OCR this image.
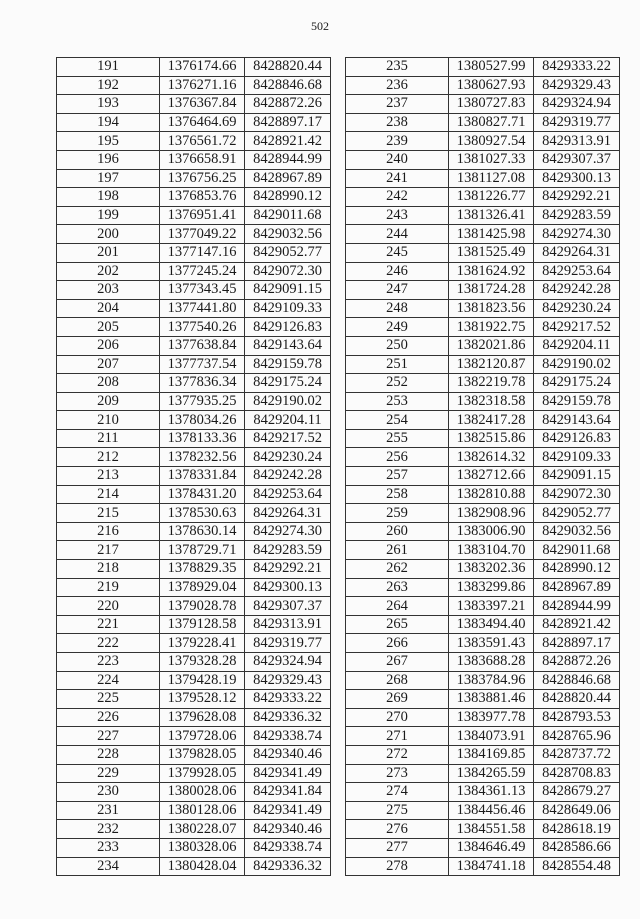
502
191	1376174.66	8428820.44
192	1376271.16	8428846.68
193	1376367.84	8428872.26
194	1376464.69	8428897.17
195	1376561.72	8428921.42
196	1376658.91	8428944.99
197	1376756.25	8428967.89
198	1376853.76	8428990.12
199	1376951.41	8429011.68
200	1377049.22	8429032.56
201	1377147.16	8429052.77
202	1377245.24	8429072.30
203	1377343.45	8429091.15
204	1377441.80	8429109.33
205	1377540.26	8429126.83
206	1377638.84	8429143.64
207	1377737.54	8429159.78
208	1377836.34	8429175.24
209	1377935.25	8429190.02
210	1378034.26	8429204.11
211	1378133.36	8429217.52
212	1378232.56	8429230.24
213	1378331.84	8429242.28
214	1378431.20	8429253.64
215	1378530.63	8429264.31
216	1378630.14	8429274.30
217	1378729.71	8429283.59
218	1378829.35	8429292.21
219	1378929.04	8429300.13
220	1379028.78	8429307.37
221	1379128.58	8429313.91
222	1379228.41	8429319.77
223	1379328.28	8429324.94
224	1379428.19	8429329.43
225	1379528.12	8429333.22
226	1379628.08	8429336.32
227	1379728.06	8429338.74
228	1379828.05	8429340.46
229	1379928.05	8429341.49
230	1380028.06	8429341.84
231	1380128.06	8429341.49
232	1380228.07	8429340.46
233	1380328.06	8429338.74
234	1380428.04	8429336.32
235	1380527.99	8429333.22
236	1380627.93	8429329.43
237	1380727.83	8429324.94
238	1380827.71	8429319.77
239	1380927.54	8429313.91
240	1381027.33	8429307.37
241	1381127.08	8429300.13
242	1381226.77	8429292.21
243	1381326.41	8429283.59
244	1381425.98	8429274.30
245	1381525.49	8429264.31
246	1381624.92	8429253.64
247	1381724.28	8429242.28
248	1381823.56	8429230.24
249	1381922.75	8429217.52
250	1382021.86	8429204.11
251	1382120.87	8429190.02
252	1382219.78	8429175.24
253	1382318.58	8429159.78
254	1382417.28	8429143.64
255	1382515.86	8429126.83
256	1382614.32	8429109.33
257	1382712.66	8429091.15
258	1382810.88	8429072.30
259	1382908.96	8429052.77
260	1383006.90	8429032.56
261	1383104.70	8429011.68
262	1383202.36	8428990.12
263	1383299.86	8428967.89
264	1383397.21	8428944.99
265	1383494.40	8428921.42
266	1383591.43	8428897.17
267	1383688.28	8428872.26
268	1383784.96	8428846.68
269	1383881.46	8428820.44
270	1383977.78	8428793.53
271	1384073.91	8428765.96
272	1384169.85	8428737.72
273	1384265.59	8428708.83
274	1384361.13	8428679.27
275	1384456.46	8428649.06
276	1384551.58	8428618.19
277	1384646.49	8428586.66
278	1384741.18	8428554.48
